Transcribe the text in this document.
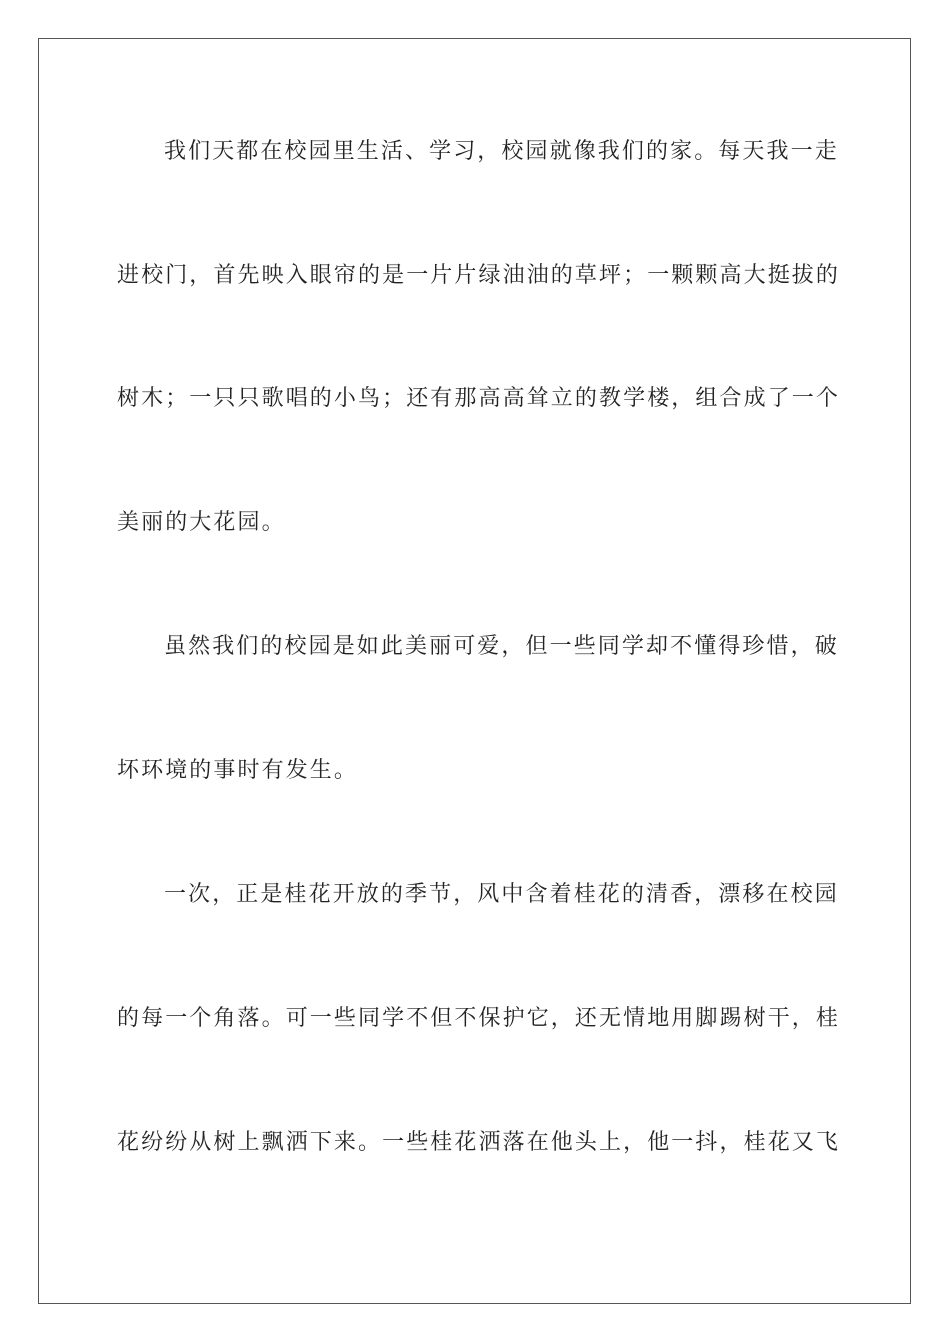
我们天都在校园里生活、学习，校园就像我们的家。每天我一走

进校门，首先映入眼帘的是一片片绿油油的草坪；一颗颗高大挺拔的

树木；一只只歌唱的小鸟；还有那高高耸立的教学楼，组合成了一个

美丽的大花园。

虽然我们的校园是如此美丽可爱，但一些同学却不懂得珍惜，破

坏环境的事时有发生。

一次，正是桂花开放的季节，风中含着桂花的清香，漂移在校园

的每一个角落。可一些同学不但不保护它，还无情地用脚踢树干，桂

花纷纷从树上飘洒下来。一些桂花洒落在他头上，他一抖，桂花又飞
